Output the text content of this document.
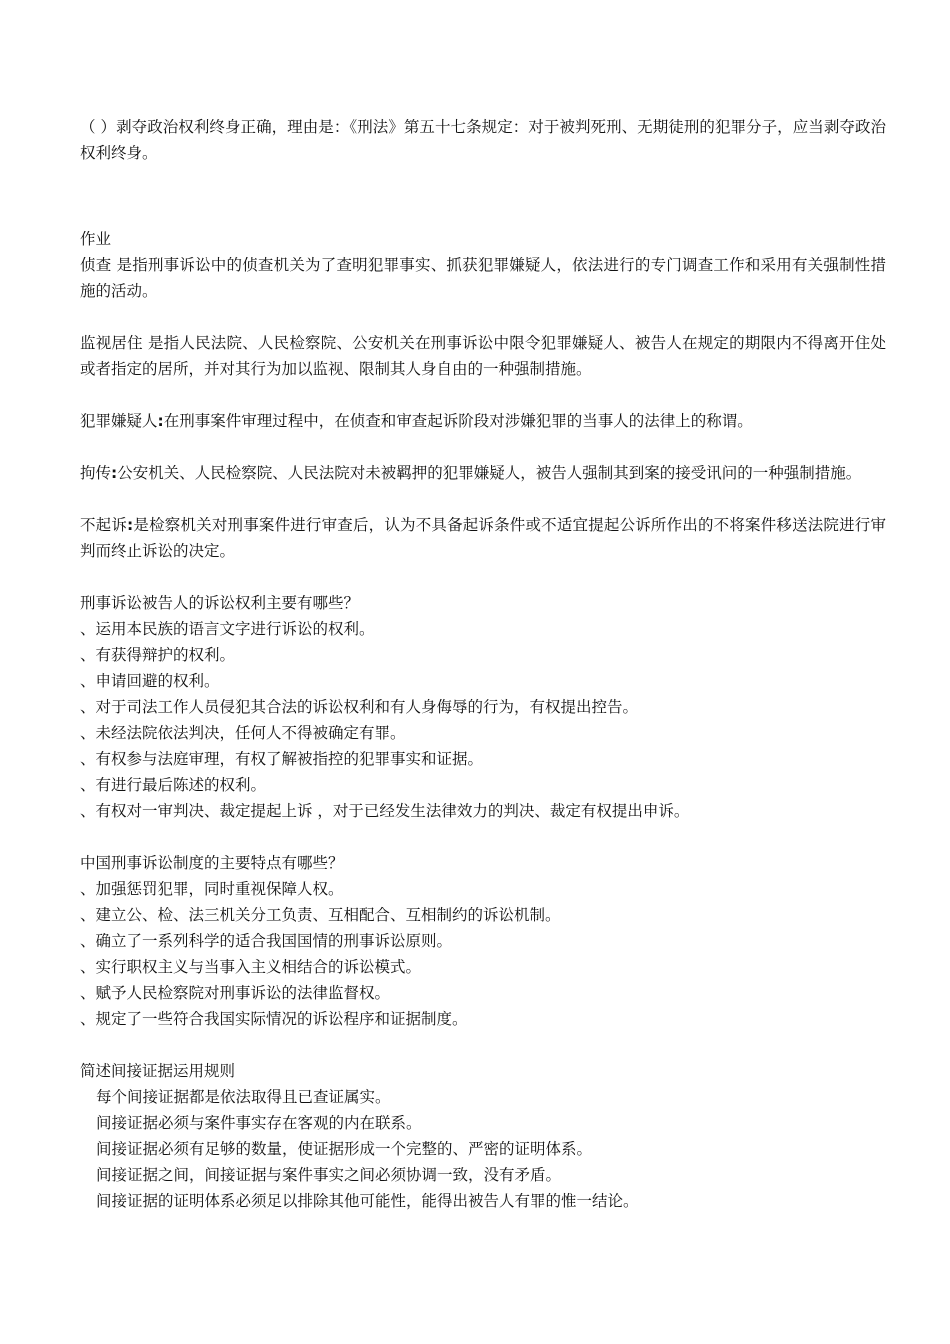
（ ）剥夺政治权利终身正确，理由是：《刑法》第五十七条规定：对于被判死刑、无期徒刑的犯罪分子，应当剥夺政治权利终身。

作业

侦查 是指刑事诉讼中的侦查机关为了查明犯罪事实、抓获犯罪嫌疑人，依法进行的专门调查工作和采用有关强制性措施的活动。

监视居住 是指人民法院、人民检察院、公安机关在刑事诉讼中限令犯罪嫌疑人、被告人在规定的期限内不得离开住处或者指定的居所，并对其行为加以监视、限制其人身自由的一种强制措施。

犯罪嫌疑人:在刑事案件审理过程中，在侦查和审查起诉阶段对涉嫌犯罪的当事人的法律上的称谓。

拘传:公安机关、人民检察院、人民法院对未被羁押的犯罪嫌疑人，被告人强制其到案的接受讯问的一种强制措施。

不起诉:是检察机关对刑事案件进行审查后，认为不具备起诉条件或不适宜提起公诉所作出的不将案件移送法院进行审判而终止诉讼的决定。

刑事诉讼被告人的诉讼权利主要有哪些？

、运用本民族的语言文字进行诉讼的权利。

、有获得辩护的权利。

、申请回避的权利。

、对于司法工作人员侵犯其合法的诉讼权利和有人身侮辱的行为，有权提出控告。

、未经法院依法判决，任何人不得被确定有罪。

、有权参与法庭审理，有权了解被指控的犯罪事实和证据。

、有进行最后陈述的权利。

、有权对一审判决、裁定提起上诉 ，对于已经发生法律效力的判决、裁定有权提出申诉。

中国刑事诉讼制度的主要特点有哪些？

、加强惩罚犯罪，同时重视保障人权。

、建立公、检、法三机关分工负责、互相配合、互相制约的诉讼机制。

、确立了一系列科学的适合我国国情的刑事诉讼原则。

、实行职权主义与当事入主义相结合的诉讼模式。

、赋予人民检察院对刑事诉讼的法律监督权。

、规定了一些符合我国实际情况的诉讼程序和证据制度。

简述间接证据运用规则

每个间接证据都是依法取得且已查证属实。

间接证据必须与案件事实存在客观的内在联系。

间接证据必须有足够的数量，使证据形成一个完整的、严密的证明体系。

间接证据之间，间接证据与案件事实之间必须协调一致，没有矛盾。

间接证据的证明体系必须足以排除其他可能性，能得出被告人有罪的惟一结论。
